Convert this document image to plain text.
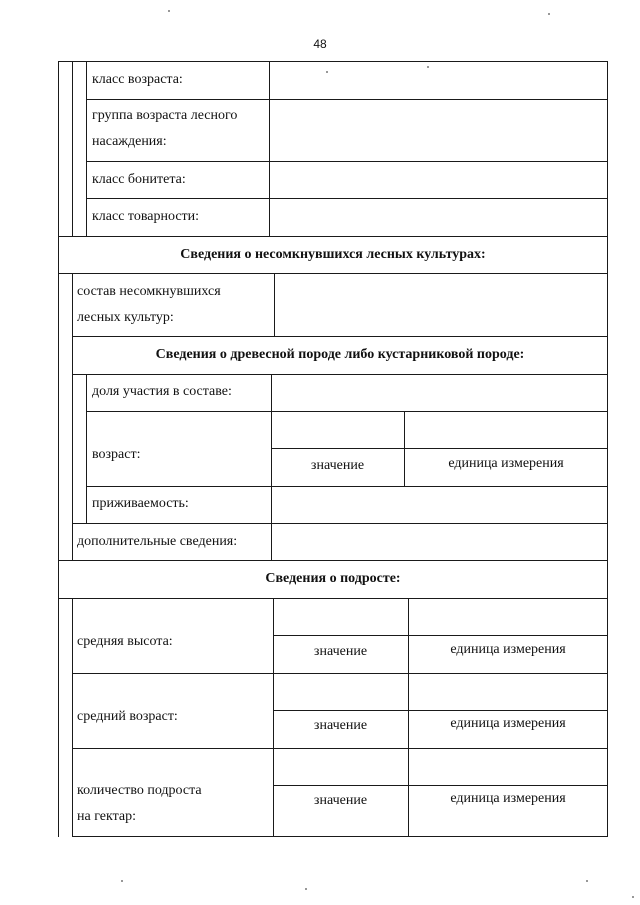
48
класс возраста:
группа возраста лесного
насаждения:
класс бонитета:
класс товарности:
Сведения о несомкнувшихся лесных культурах:
состав несомкнувшихся
лесных культур:
Сведения о древесной породе либо кустарниковой породе:
доля участия в составе:
возраст:
значение	единица измерения
приживаемость:
дополнительные сведения:
Сведения о подросте:
средняя высота:
значение	единица измерения
средний возраст:
значение	единица измерения
количество подроста
на гектар:
значение	единица измерения
